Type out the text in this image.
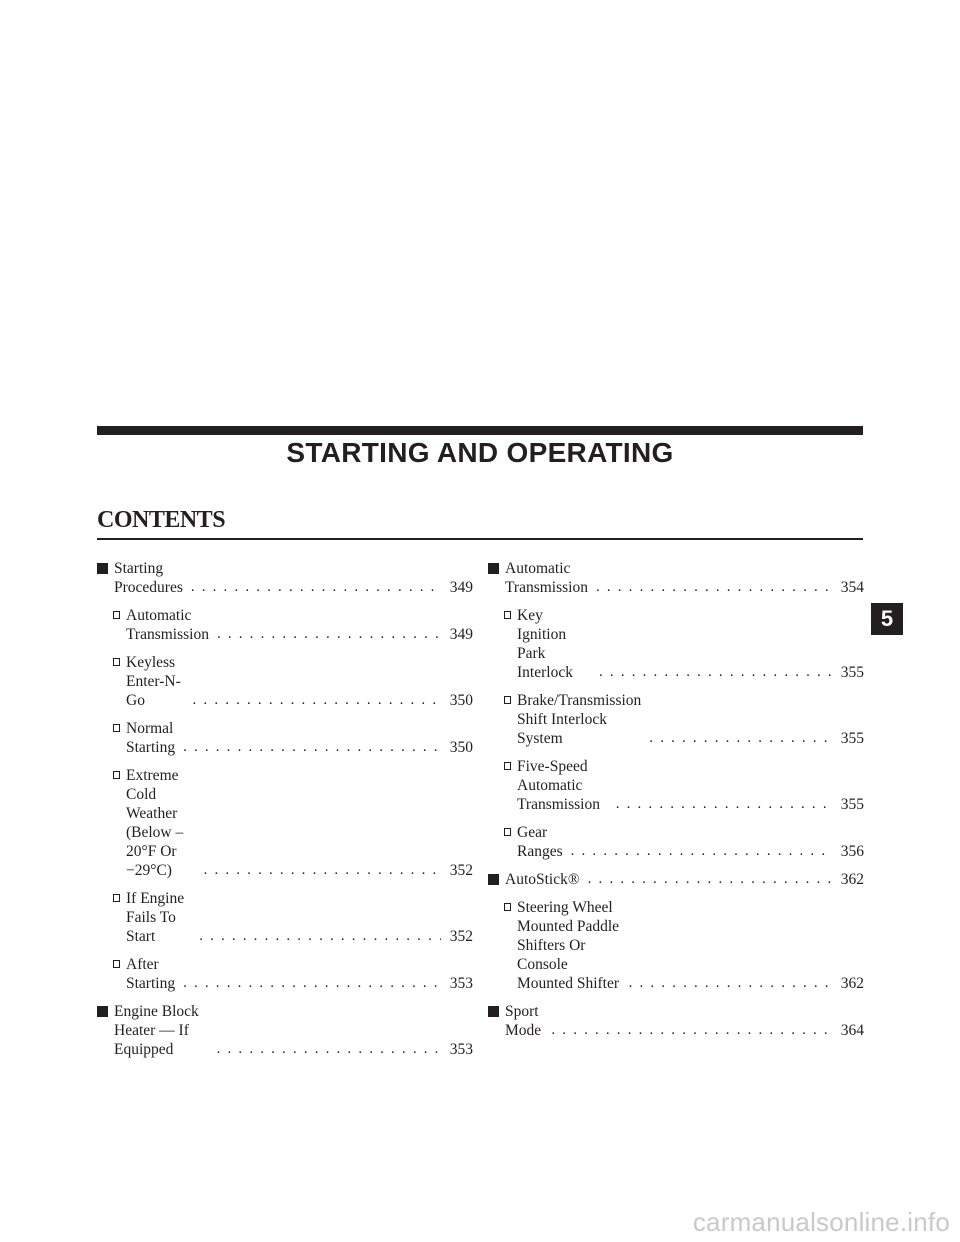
STARTING AND OPERATING
CONTENTS
Starting Procedures . . .	349
Automatic Transmission . . .	349
Keyless Enter-N-Go . . .	350
Normal Starting . . .	350
Extreme Cold Weather
(Below –20°F Or −29°C) . . .	352
If Engine Fails To Start . . .	352
After Starting . . .	353
Engine Block Heater — If Equipped . . .	353
Automatic Transmission . . .	354
Key Ignition Park Interlock . . .	355
Brake/Transmission Shift Interlock System . . .	355
Five-Speed Automatic Transmission . . .	355
Gear Ranges . . .	356
AutoStick® . . .	362
Steering Wheel Mounted Paddle Shifters Or
Console Mounted Shifter . . .	362
Sport Mode . . .	364
5
carmanualsonline.info
